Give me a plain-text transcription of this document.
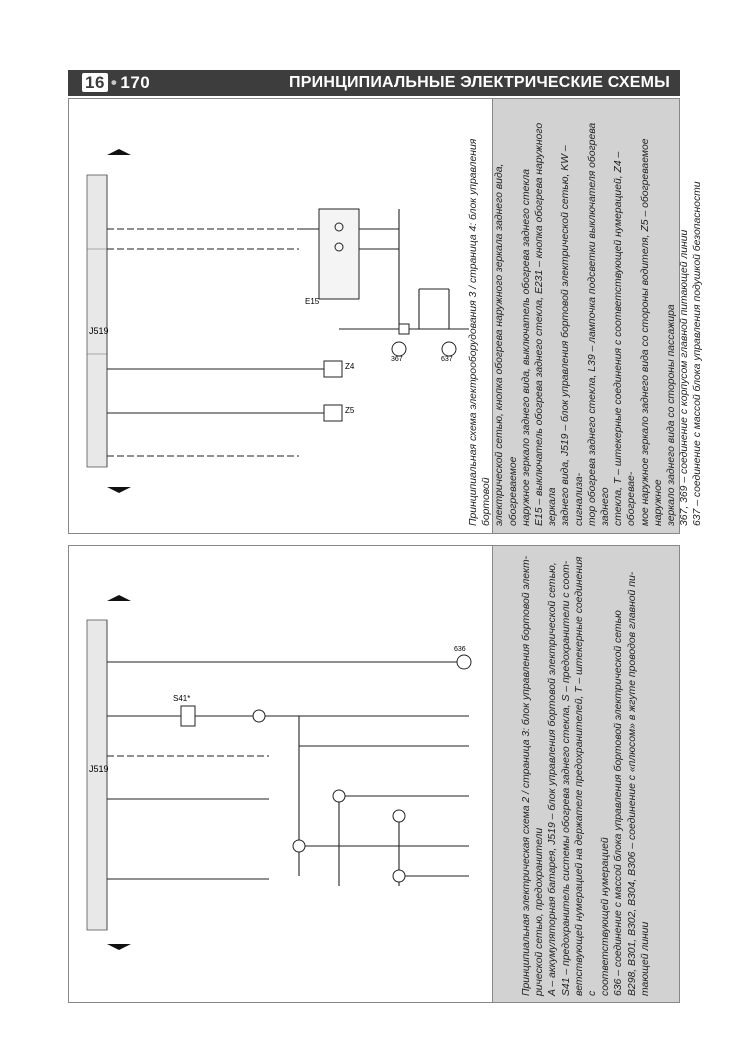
16 • 170	ПРИНЦИПИАЛЬНЫЕ ЭЛЕКТРИЧЕСКИЕ СХЕМЫ
J519
E15
Z4
Z5
367	637 Принципиальная схема электрооборудования 3 / страница 4: блок управления бортовой электрической сетью, кнопка обогрева наружного зеркала заднего вида, обогреваемое наружное зеркало заднего вида, выключатель обогрева заднего стекла E15 – выключатель обогрева заднего стекла, E231 – кнопка обогрева наружного зеркала заднего вида, J519 – блок управления бортовой электрической сетью, KW – сигнализа- тор обогрева заднего стекла, L39 – лампочка подсветки выключателя обогрева заднего стекла, T – штекерные соединения с соответствующей нумерацией, Z4 – обогревае- мое наружное зеркало заднего вида со стороны водителя, Z5 – обогреваемое наружное зеркало заднего вида со стороны пассажира 367, 369 – соединение с корпусом главной питающей линии 637 – соединение с массой блока управления подушкой безопасности

J519
S41*
636	Принципиальная электрическая схема 2 / страница 3: блок управления бортовой элект- рической сетью, предохранители A – аккумуляторная батарея, J519 – блок управления бортовой электрической сетью, S41 – предохранитель системы обогрева заднего стекла, S – предохранители с соот- ветствующей нумерацией на держателе предохранителей, T – штекерные соединения с соответствующей нумерацией 636 – соединение с массой блока управления бортовой электрической сетью B298, B301, B302, B304, B306 – соединение с «плюсом» в жгуте проводов главной пи- тающей линии
